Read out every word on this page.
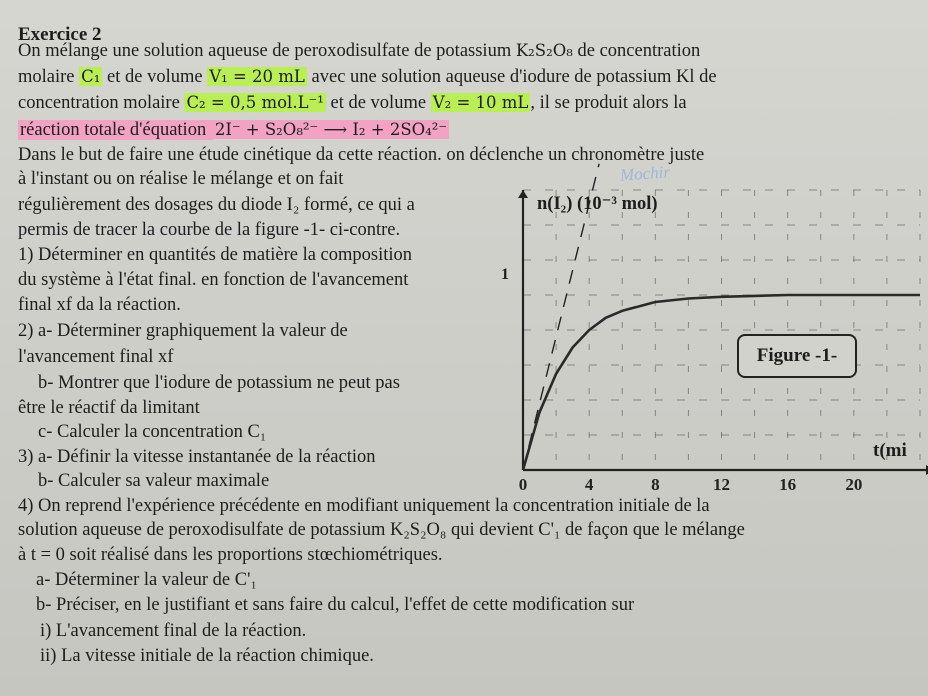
Exercice 2
On mélange une solution aqueuse de peroxodisulfate de potassium K₂S₂O₈ de concentration
molaire C₁ et de volume V₁ = 20 mL avec une solution aqueuse d'iodure de potassium Kl de
concentration molaire C₂ = 0,5 mol.L⁻¹ et de volume V₂ = 10 mL , il se produit alors la
réaction totale d'équation 2I⁻ + S₂O₈²⁻ ⟶ I₂ + 2SO₄²⁻
Dans le but de faire une étude cinétique da cette réaction. on déclenche un chronomètre juste
à l'instant ou on réalise le mélange et on fait
régulièrement des dosages du diode I₂ formé, ce qui a
permis de tracer la courbe de la figure -1- ci-contre.
1) Déterminer en quantités de matière la composition
du système à l'état final. en fonction de l'avancement
final xf da la réaction.
2) a- Déterminer graphiquement la valeur de
l'avancement final xf
b- Montrer que l'iodure de potassium ne peut pas
être le réactif da limitant
c- Calculer la concentration C₁
3) a- Définir la vitesse instantanée de la réaction
b- Calculer sa valeur maximale
4) On reprend l'expérience précédente en modifiant uniquement la concentration initiale de la
solution aqueuse de peroxodisulfate de potassium K₂S₂O₈ qui devient C'₁ de façon que le mélange
à t = 0 soit réalisé dans les proportions stœchiométriques.
a- Déterminer la valeur de C'₁
b- Préciser, en le justifiant et sans faire du calcul, l'effet de cette modification sur
i) L'avancement final de la réaction.
ii) La vitesse initiale de la réaction chimique.
Mochir
n(I₂) (10⁻³ mol)
1
t(mi
0	4	8	12	16	20
Figure -1-
